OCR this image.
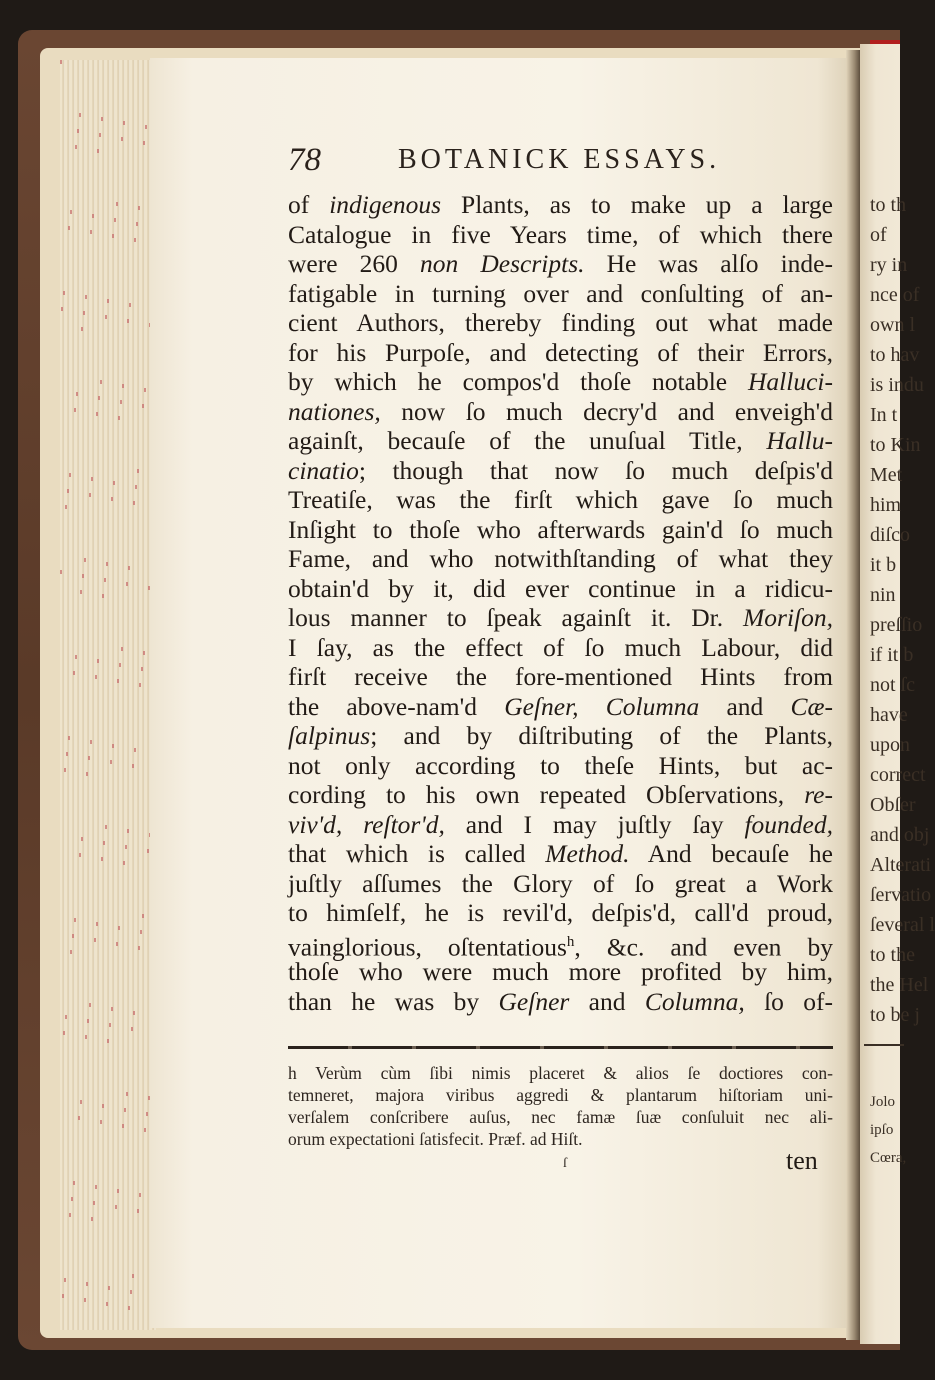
to th
of
ry in
nce of
own l
to hav
is indu
In t
to Kin
Met
him
diſco
it b
nin
preſſio
if it b
not ſc
have
upon
correct
Obſer
and obj
Alterati
ſervatio
ſeveral l
to the
the Hel
to be j
Jolo
ipſo
Cœra,
78	BOTANICK ESSAYS.
of indigenous Plants, as to make up a large
Catalogue in five Years time, of which there
were 260 non Descripts. He was alſo inde-
fatigable in turning over and conſulting of an-
cient Authors, thereby finding out what made
for his Purpoſe, and detecting of their Errors,
by which he compos'd thoſe notable Halluci-
nationes, now ſo much decry'd and enveigh'd
againſt, becauſe of the unuſual Title, Hallu-
cinatio; though that now ſo much deſpis'd
Treatiſe, was the firſt which gave ſo much
Inſight to thoſe who afterwards gain'd ſo much
Fame, and who notwithſtanding of what they
obtain'd by it, did ever continue in a ridicu-
lous manner to ſpeak againſt it. Dr. Moriſon,
I ſay, as the effect of ſo much Labour, did
firſt receive the fore-mentioned Hints from
the above-nam'd Geſner, Columna and Cæ-
ſalpinus; and by diſtributing of the Plants,
not only according to theſe Hints, but ac-
cording to his own repeated Obſervations, re-
viv'd, reſtor'd, and I may juſtly ſay founded,
that which is called Method. And becauſe he
juſtly aſſumes the Glory of ſo great a Work
to himſelf, he is revil'd, deſpis'd, call'd proud,
vainglorious, oſtentatious$^h$, &c. and even by
thoſe who were much more profited by him,
than he was by Geſner and Columna, ſo of-
h Verùm cùm ſibi nimis placeret & alios ſe doctiores con-
temneret, majora viribus aggredi & plantarum hiſtoriam uni-
verſalem conſcribere auſus, nec famæ ſuæ conſuluit nec ali-
orum expectationi ſatisfecit. Præf. ad Hiſt.
ſ	ten
